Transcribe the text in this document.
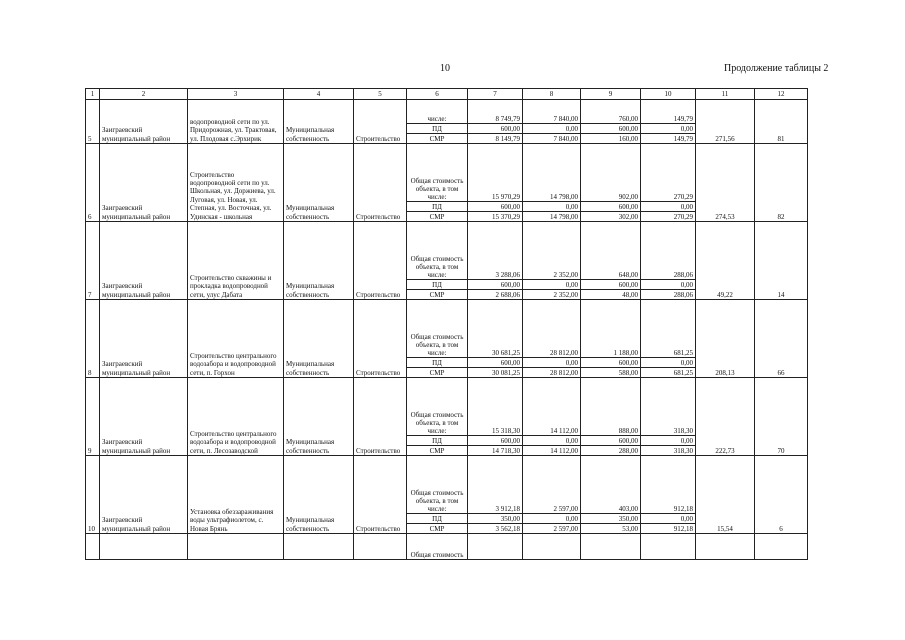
10	Продолжение таблицы 2
1	2	3	4	5	6	7	8	9	10	11	12
5	Заиграевский муниципальный район	водопроводной сети по ул. Придорожная, ул. Трактовая, ул. Плодовая с.Эрхирик	Муниципальная собственность	Строительство	числе:	8 749,79	7 840,00	760,00	149,79	271,56	81

					ПД	600,00	0,00	600,00	0,00		
					СМР	8 149,79	7 840,00	160,00	149,79		
6	Заиграевский муниципальный район	Строительство водопроводной сети по ул. Школьная, ул. Доржиева, ул. Луговая, ул. Новая, ул. Степная, ул. Восточная, ул. Удинская - школьная	Муниципальная собственность	Строительство	Общая стоимость объекта, в том числе:	15 970,29	14 798,00	902,00	270,29	274,53	82

					ПД	600,00	0,00	600,00	0,00		
					СМР	15 370,29	14 798,00	302,00	270,29		
7	Заиграевский муниципальный район	Строительство скважины и прокладка водопроводной сети, улус Дабата	Муниципальная собственность	Строительство	Общая стоимость объекта, в том числе:	3 288,06	2 352,00	648,00	288,06	49,22	14

					ПД	600,00	0,00	600,00	0,00		
					СМР	2 688,06	2 352,00	48,00	288,06		
8	Заиграевский муниципальный район	Строительство центрального водозабора и водопроводной сети, п. Горхон	Муниципальная собственность	Строительство	Общая стоимость объекта, в том числе:	30 681,25	28 812,00	1 188,00	681,25	208,13	66

					ПД	600,00	0,00	600,00	0,00		
					СМР	30 081,25	28 812,00	588,00	681,25		
9	Заиграевский муниципальный район	Строительство центрального водозабора и водопроводной сети, п. Лесозаводской	Муниципальная собственность	Строительство	Общая стоимость объекта, в том числе:	15 318,30	14 112,00	888,00	318,30	222,73	70

					ПД	600,00	0,00	600,00	0,00		
					СМР	14 718,30	14 112,00	288,00	318,30		
10	Заиграевский муниципальный район	Установка обеззараживания воды ультрафиолетом, с. Новая Брянь	Муниципальная собственность	Строительство	Общая стоимость объекта, в том числе:	3 912,18	2 597,00	403,00	912,18	15,54	6

					ПД	350,00	0,00	350,00	0,00		
					СМР	3 562,18	2 597,00	53,00	912,18		
					Общая стоимость						
